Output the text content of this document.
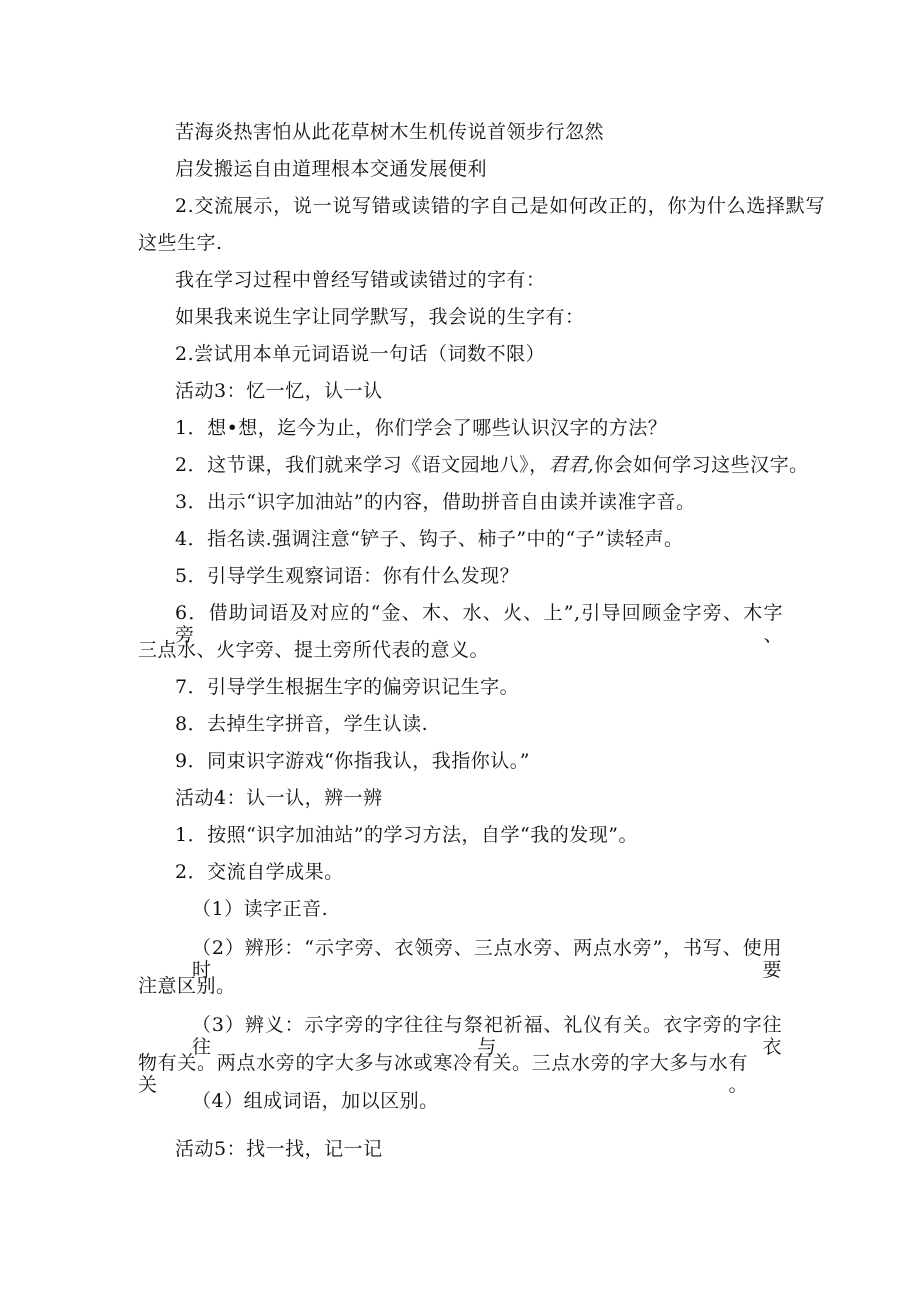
苦海炎热害怕从此花草树木生机传说首领步行忽然
启发搬运自由道理根本交通发展便利
2.交流展示，说一说写错或读错的字自己是如何改正的，你为什么选择默写
这些生字.
我在学习过程中曾经写错或读错过的字有：
如果我来说生字让同学默写，我会说的生字有：
2.尝试用本单元词语说一句话（词数不限）
活动3：忆一忆，认一认
1．想•想，迄今为止，你们学会了哪些认识汉字的方法？
2．这节课，我们就来学习《语文园地八》，君君,你会如何学习这些汉字。
3．出示“识字加油站”的内容，借助拼音自由读并读准字音。
4．指名读.强调注意“铲子、钩子、柿子”中的“子”读轻声。
5．引导学生观察词语：你有什么发现？
6．借助词语及对应的“金、木、水、火、上”,引导回顾金字旁、木字旁、
三点水、火字旁、提土旁所代表的意义。
7．引导学生根据生字的偏旁识记生字。
8．去掉生字拼音，学生认读.
9．同束识字游戏“你指我认，我指你认。”
活动4：认一认，辨一辨
1．按照“识字加油站”的学习方法，自学“我的发现”。
2．交流自学成果。
（1）读字正音.
（2）辨形：“示字旁、衣领旁、三点水旁、两点水旁”，书写、使用时要
注意区别。
（3）辨义：示字旁的字往往与祭祀祈福、礼仪有关。衣字旁的字往往与衣
物有关。两点水旁的字大多与冰或寒冷有关。三点水旁的字大多与水有关。
（4）组成词语，加以区别。
活动5：找一找，记一记
